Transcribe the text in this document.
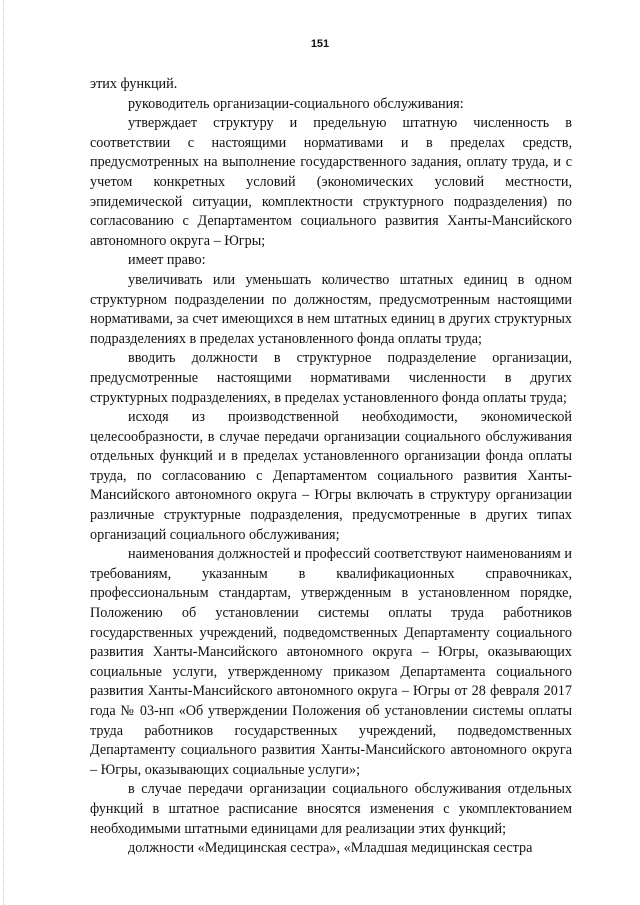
151

этих функций.

руководитель организации-социального обслуживания:

утверждает структуру и предельную штатную численность в соответствии с настоящими нормативами и в пределах средств, предусмотренных на выполнение государственного задания, оплату труда, и с учетом конкретных условий (экономических условий местности, эпидемической ситуации, комплектности структурного подразделения) по согласованию с Департаментом социального развития Ханты-Мансийского автономного округа – Югры;

имеет право:

увеличивать или уменьшать количество штатных единиц в одном структурном подразделении по должностям, предусмотренным настоящими нормативами, за счет имеющихся в нем штатных единиц в других структурных подразделениях в пределах установленного фонда оплаты труда;

вводить должности в структурное подразделение организации, предусмотренные настоящими нормативами численности в других структурных подразделениях, в пределах установленного фонда оплаты труда;

исходя из производственной необходимости, экономической целесообразности, в случае передачи организации социального обслуживания отдельных функций и в пределах установленного организации фонда оплаты труда, по согласованию с Департаментом социального развития Ханты-Мансийского автономного округа – Югры включать в структуру организации различные структурные подразделения, предусмотренные в других типах организаций социального обслуживания;

наименования должностей и профессий соответствуют наименованиям и требованиям, указанным в квалификационных справочниках, профессиональным стандартам, утвержденным в установленном порядке, Положению об установлении системы оплаты труда работников государственных учреждений, подведомственных Департаменту социального развития Ханты-Мансийского автономного округа – Югры, оказывающих социальные услуги, утвержденному приказом Департамента социального развития Ханты-Мансийского автономного округа – Югры от 28 февраля 2017 года № 03-нп «Об утверждении Положения об установлении системы оплаты труда работников государственных учреждений, подведомственных Департаменту социального развития Ханты-Мансийского автономного округа – Югры, оказывающих социальные услуги»;

в случае передачи организации социального обслуживания отдельных функций в штатное расписание вносятся изменения с укомплектованием необходимыми штатными единицами для реализации этих функций;

должности «Медицинская сестра», «Младшая медицинская сестра
